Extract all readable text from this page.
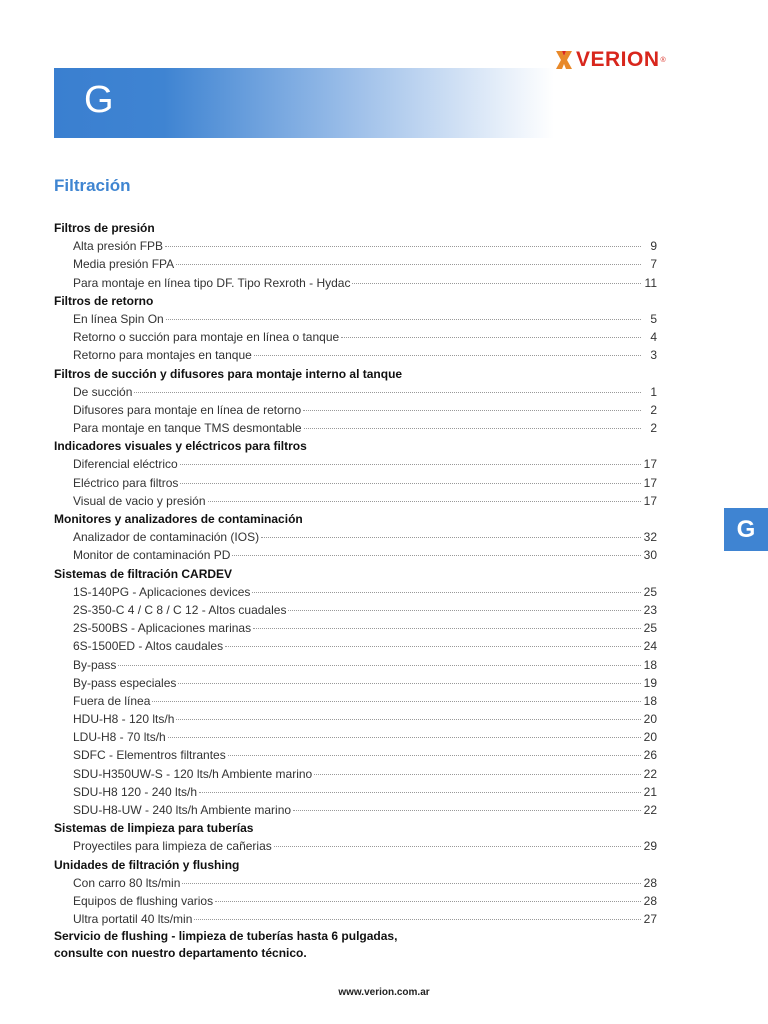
VERION ®
G
Filtración
G
Filtros de presión
Alta presión FPB	9
Media presión FPA	7
Para montaje en línea tipo DF. Tipo Rexroth - Hydac	11
Filtros de retorno
En línea Spin On	5
Retorno o succión para montaje en línea o tanque	4
Retorno para montajes en tanque	3
Filtros de succión y difusores para montaje interno al tanque
De succión	1
Difusores para montaje en línea de retorno	2
Para montaje en tanque TMS desmontable	2
Indicadores visuales y eléctricos para filtros
Diferencial eléctrico	17
Eléctrico para filtros	17
Visual de vacio y presión	17
Monitores y analizadores de contaminación
Analizador de contaminación (IOS)	32
Monitor de contaminación PD	30
Sistemas de filtración CARDEV
1S-140PG - Aplicaciones devices	25
2S-350-C 4 / C 8 / C 12 - Altos cuadales	23
2S-500BS - Aplicaciones marinas	25
6S-1500ED - Altos caudales	24
By-pass	18
By-pass especiales	19
Fuera de línea	18
HDU-H8 - 120 lts/h	20
LDU-H8 - 70 lts/h	20
SDFC - Elementros filtrantes	26
SDU-H350UW-S - 120 lts/h Ambiente marino	22
SDU-H8 120 - 240 lts/h	21
SDU-H8-UW - 240 lts/h Ambiente marino	22
Sistemas de limpieza para tuberías
Proyectiles para limpieza de cañerias	29
Unidades de filtración y flushing
Con carro 80 lts/min	28
Equipos de flushing varios	28
Ultra portatil 40 lts/min	27
Servicio de flushing - limpieza de tuberías hasta 6 pulgadas,
consulte con nuestro departamento técnico.
www.verion.com.ar
